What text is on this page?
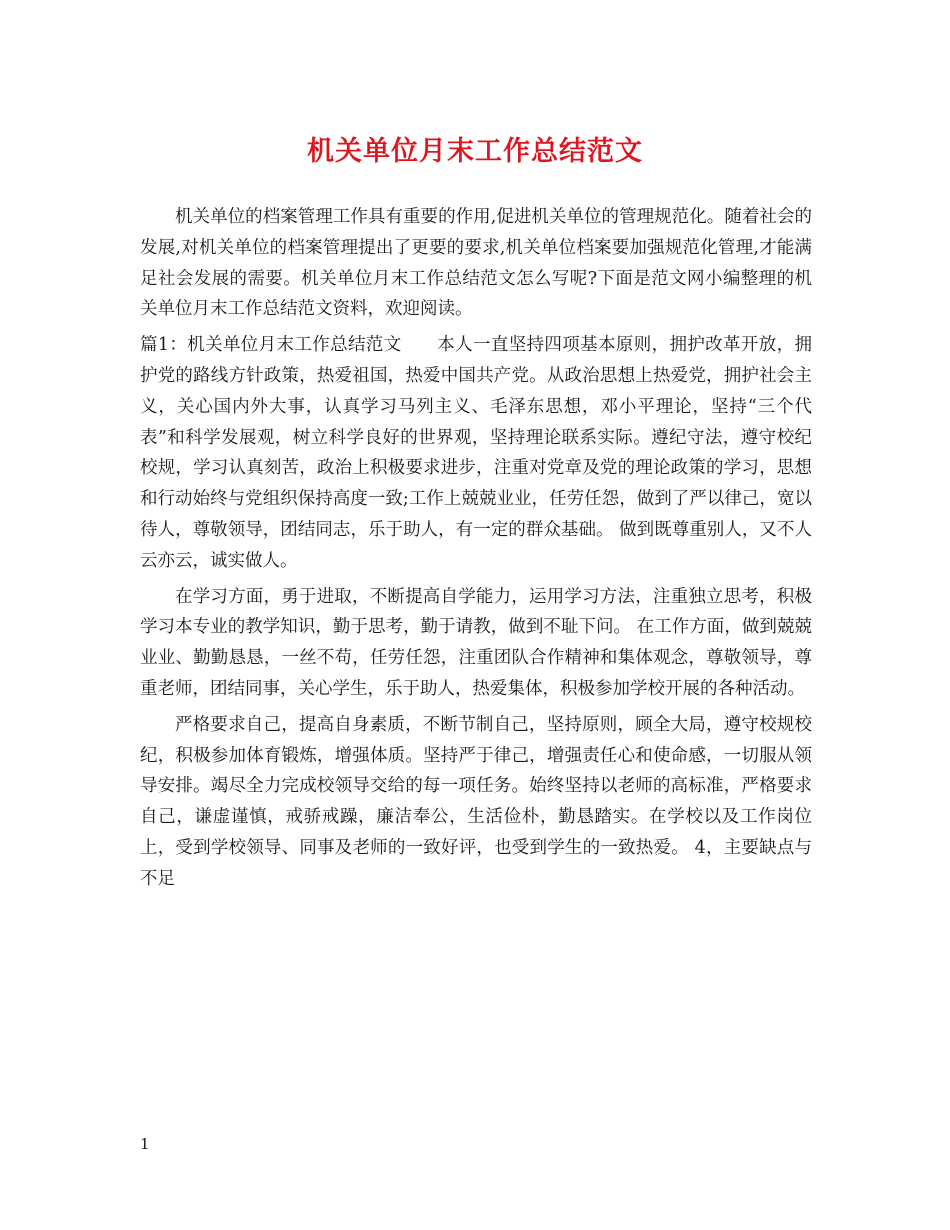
机关单位月末工作总结范文

机关单位的档案管理工作具有重要的作用,促进机关单位的管理规范化。随着社会的发展,对机关单位的档案管理提出了更要的要求,机关单位档案要加强规范化管理,才能满足社会发展的需要。机关单位月末工作总结范文怎么写呢?下面是范文网小编整理的机关单位月末工作总结范文资料，欢迎阅读。

篇1：机关单位月末工作总结范文　　本人一直坚持四项基本原则，拥护改革开放，拥护党的路线方针政策，热爱祖国，热爱中国共产党。从政治思想上热爱党，拥护社会主义，关心国内外大事，认真学习马列主义、毛泽东思想，邓小平理论，坚持“三个代表”和科学发展观，树立科学良好的世界观，坚持理论联系实际。遵纪守法，遵守校纪校规，学习认真刻苦，政治上积极要求进步，注重对党章及党的理论政策的学习，思想和行动始终与党组织保持高度一致;工作上兢兢业业，任劳任怨，做到了严以律己，宽以待人，尊敬领导，团结同志，乐于助人，有一定的群众基础。 做到既尊重别人，又不人云亦云，诚实做人。

在学习方面，勇于进取，不断提高自学能力，运用学习方法，注重独立思考，积极学习本专业的教学知识，勤于思考，勤于请教，做到不耻下问。 在工作方面，做到兢兢业业、勤勤恳恳，一丝不苟，任劳任怨，注重团队合作精神和集体观念，尊敬领导，尊重老师，团结同事，关心学生，乐于助人，热爱集体，积极参加学校开展的各种活动。

严格要求自己，提高自身素质，不断节制自己，坚持原则，顾全大局，遵守校规校纪，积极参加体育锻炼，增强体质。坚持严于律己，增强责任心和使命感，一切服从领导安排。竭尽全力完成校领导交给的每一项任务。始终坚持以老师的高标准，严格要求自己，谦虚谨慎，戒骄戒躁，廉洁奉公，生活俭朴，勤恳踏实。在学校以及工作岗位上，受到学校领导、同事及老师的一致好评，也受到学生的一致热爱。 4，主要缺点与不足

1
